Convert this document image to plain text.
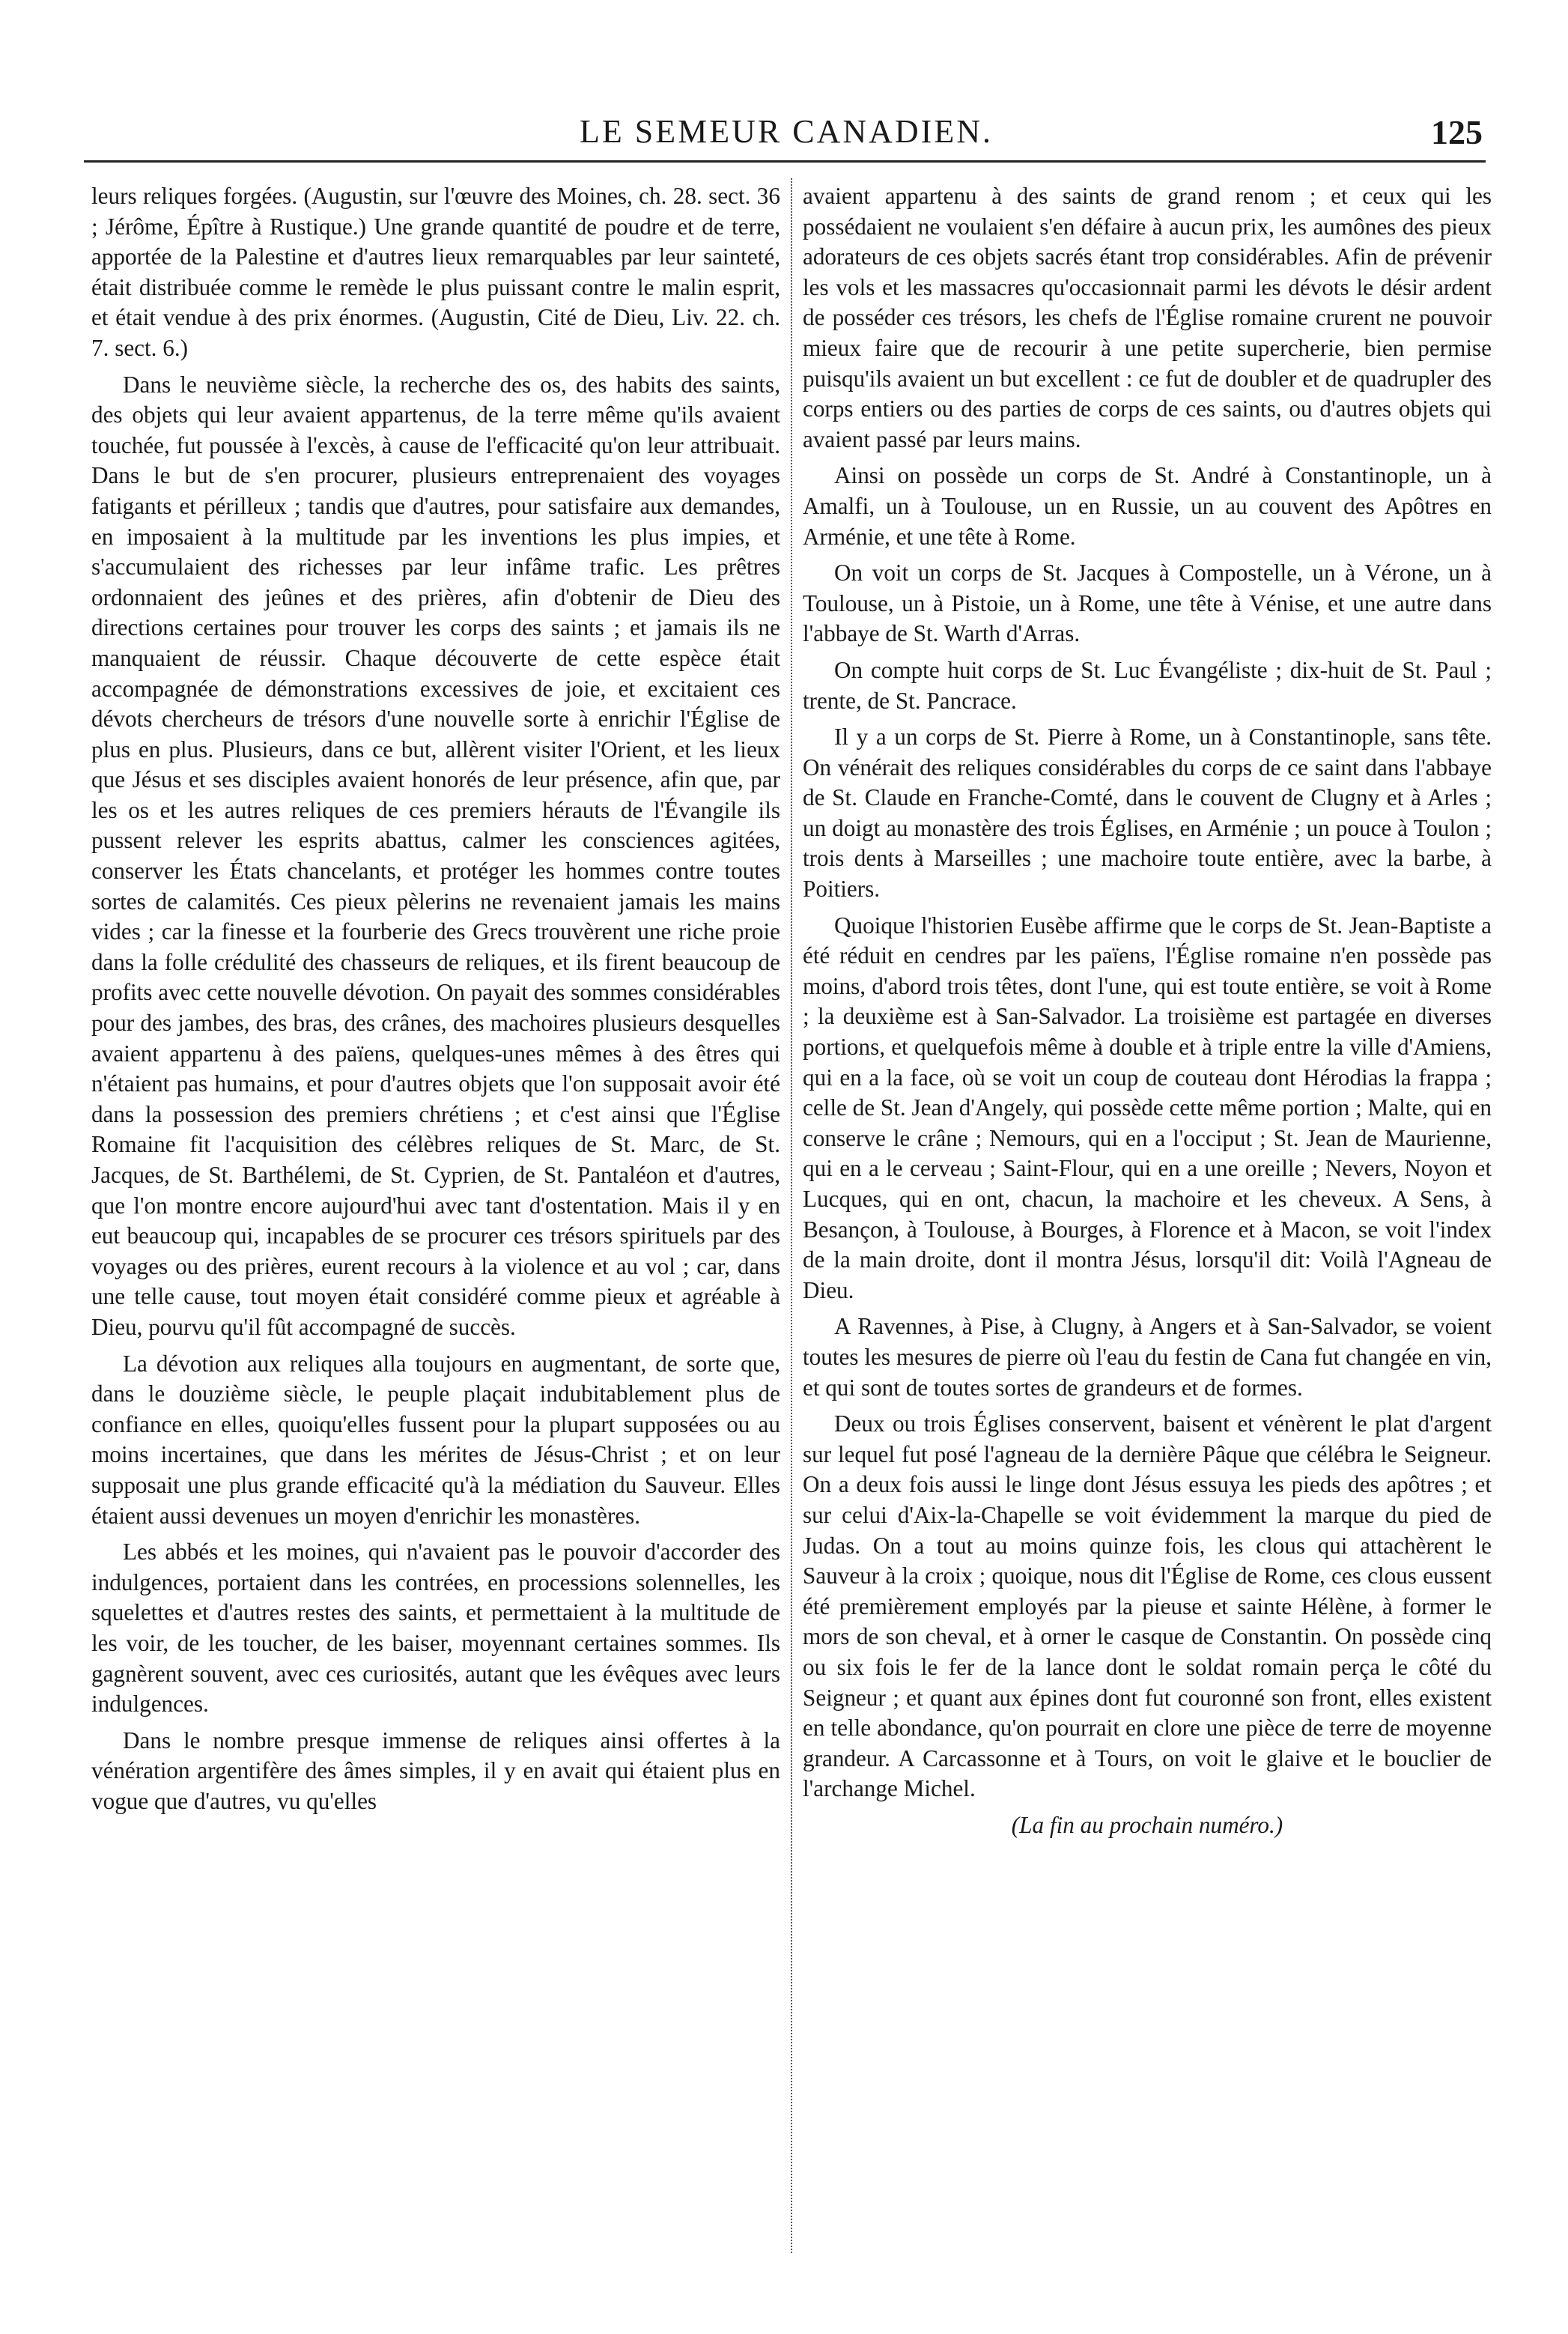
LE SEMEUR CANADIEN.	125

leurs reliques forgées. (Augustin, sur l'œuvre des Moines, ch. 28. sect. 36 ; Jérôme, Épître à Rustique.) Une grande quantité de poudre et de terre, apportée de la Palestine et d'autres lieux remarquables par leur sainteté, était distribuée comme le remède le plus puissant contre le malin esprit, et était vendue à des prix énormes. (Augustin, Cité de Dieu, Liv. 22. ch. 7. sect. 6.)

Dans le neuvième siècle, la recherche des os, des habits des saints, des objets qui leur avaient appartenus, de la terre même qu'ils avaient touchée, fut poussée à l'excès, à cause de l'efficacité qu'on leur attribuait. Dans le but de s'en procurer, plusieurs entreprenaient des voyages fatigants et périlleux ; tandis que d'autres, pour satisfaire aux demandes, en imposaient à la multitude par les inventions les plus impies, et s'accumulaient des richesses par leur infâme trafic. Les prêtres ordonnaient des jeûnes et des prières, afin d'obtenir de Dieu des directions certaines pour trouver les corps des saints ; et jamais ils ne manquaient de réussir. Chaque découverte de cette espèce était accompagnée de démonstrations excessives de joie, et excitaient ces dévots chercheurs de trésors d'une nouvelle sorte à enrichir l'Église de plus en plus. Plusieurs, dans ce but, allèrent visiter l'Orient, et les lieux que Jésus et ses disciples avaient honorés de leur présence, afin que, par les os et les autres reliques de ces premiers hérauts de l'Évangile ils pussent relever les esprits abattus, calmer les consciences agitées, conserver les États chancelants, et protéger les hommes contre toutes sortes de calamités. Ces pieux pèlerins ne revenaient jamais les mains vides ; car la finesse et la fourberie des Grecs trouvèrent une riche proie dans la folle crédulité des chasseurs de reliques, et ils firent beaucoup de profits avec cette nouvelle dévotion. On payait des sommes considérables pour des jambes, des bras, des crânes, des machoires plusieurs desquelles avaient appartenu à des païens, quelques-unes mêmes à des êtres qui n'étaient pas humains, et pour d'autres objets que l'on supposait avoir été dans la possession des premiers chrétiens ; et c'est ainsi que l'Église Romaine fit l'acquisition des célèbres reliques de St. Marc, de St. Jacques, de St. Barthélemi, de St. Cyprien, de St. Pantaléon et d'autres, que l'on montre encore aujourd'hui avec tant d'ostentation. Mais il y en eut beaucoup qui, incapables de se procurer ces trésors spirituels par des voyages ou des prières, eurent recours à la violence et au vol ; car, dans une telle cause, tout moyen était considéré comme pieux et agréable à Dieu, pourvu qu'il fût accompagné de succès.

La dévotion aux reliques alla toujours en augmentant, de sorte que, dans le douzième siècle, le peuple plaçait indubitablement plus de confiance en elles, quoiqu'elles fussent pour la plupart supposées ou au moins incertaines, que dans les mérites de Jésus-Christ ; et on leur supposait une plus grande efficacité qu'à la médiation du Sauveur. Elles étaient aussi devenues un moyen d'enrichir les monastères.

Les abbés et les moines, qui n'avaient pas le pouvoir d'accorder des indulgences, portaient dans les contrées, en processions solennelles, les squelettes et d'autres restes des saints, et permettaient à la multitude de les voir, de les toucher, de les baiser, moyennant certaines sommes. Ils gagnèrent souvent, avec ces curiosités, autant que les évêques avec leurs indulgences.

Dans le nombre presque immense de reliques ainsi offertes à la vénération argentifère des âmes simples, il y en avait qui étaient plus en vogue que d'autres, vu qu'elles

avaient appartenu à des saints de grand renom ; et ceux qui les possédaient ne voulaient s'en défaire à aucun prix, les aumônes des pieux adorateurs de ces objets sacrés étant trop considérables. Afin de prévenir les vols et les massacres qu'occasionnait parmi les dévots le désir ardent de posséder ces trésors, les chefs de l'Église romaine crurent ne pouvoir mieux faire que de recourir à une petite supercherie, bien permise puisqu'ils avaient un but excellent : ce fut de doubler et de quadrupler des corps entiers ou des parties de corps de ces saints, ou d'autres objets qui avaient passé par leurs mains.

Ainsi on possède un corps de St. André à Constantinople, un à Amalfi, un à Toulouse, un en Russie, un au couvent des Apôtres en Arménie, et une tête à Rome.

On voit un corps de St. Jacques à Compostelle, un à Vérone, un à Toulouse, un à Pistoie, un à Rome, une tête à Vénise, et une autre dans l'abbaye de St. Warth d'Arras.

On compte huit corps de St. Luc Évangéliste ; dix-huit de St. Paul ; trente, de St. Pancrace.

Il y a un corps de St. Pierre à Rome, un à Constantinople, sans tête. On vénérait des reliques considérables du corps de ce saint dans l'abbaye de St. Claude en Franche-Comté, dans le couvent de Clugny et à Arles ; un doigt au monastère des trois Églises, en Arménie ; un pouce à Toulon ; trois dents à Marseilles ; une machoire toute entière, avec la barbe, à Poitiers.

Quoique l'historien Eusèbe affirme que le corps de St. Jean-Baptiste a été réduit en cendres par les païens, l'Église romaine n'en possède pas moins, d'abord trois têtes, dont l'une, qui est toute entière, se voit à Rome ; la deuxième est à San-Salvador. La troisième est partagée en diverses portions, et quelquefois même à double et à triple entre la ville d'Amiens, qui en a la face, où se voit un coup de couteau dont Hérodias la frappa ; celle de St. Jean d'Angely, qui possède cette même portion ; Malte, qui en conserve le crâne ; Nemours, qui en a l'occiput ; St. Jean de Maurienne, qui en a le cerveau ; Saint-Flour, qui en a une oreille ; Nevers, Noyon et Lucques, qui en ont, chacun, la machoire et les cheveux. A Sens, à Besançon, à Toulouse, à Bourges, à Florence et à Macon, se voit l'index de la main droite, dont il montra Jésus, lorsqu'il dit: Voilà l'Agneau de Dieu.

A Ravennes, à Pise, à Clugny, à Angers et à San-Salvador, se voient toutes les mesures de pierre où l'eau du festin de Cana fut changée en vin, et qui sont de toutes sortes de grandeurs et de formes.

Deux ou trois Églises conservent, baisent et vénèrent le plat d'argent sur lequel fut posé l'agneau de la dernière Pâque que célébra le Seigneur. On a deux fois aussi le linge dont Jésus essuya les pieds des apôtres ; et sur celui d'Aix-la-Chapelle se voit évidemment la marque du pied de Judas. On a tout au moins quinze fois, les clous qui attachèrent le Sauveur à la croix ; quoique, nous dit l'Église de Rome, ces clous eussent été premièrement employés par la pieuse et sainte Hélène, à former le mors de son cheval, et à orner le casque de Constantin. On possède cinq ou six fois le fer de la lance dont le soldat romain perça le côté du Seigneur ; et quant aux épines dont fut couronné son front, elles existent en telle abondance, qu'on pourrait en clore une pièce de terre de moyenne grandeur. A Carcassonne et à Tours, on voit le glaive et le bouclier de l'archange Michel.

(La fin au prochain numéro.)
